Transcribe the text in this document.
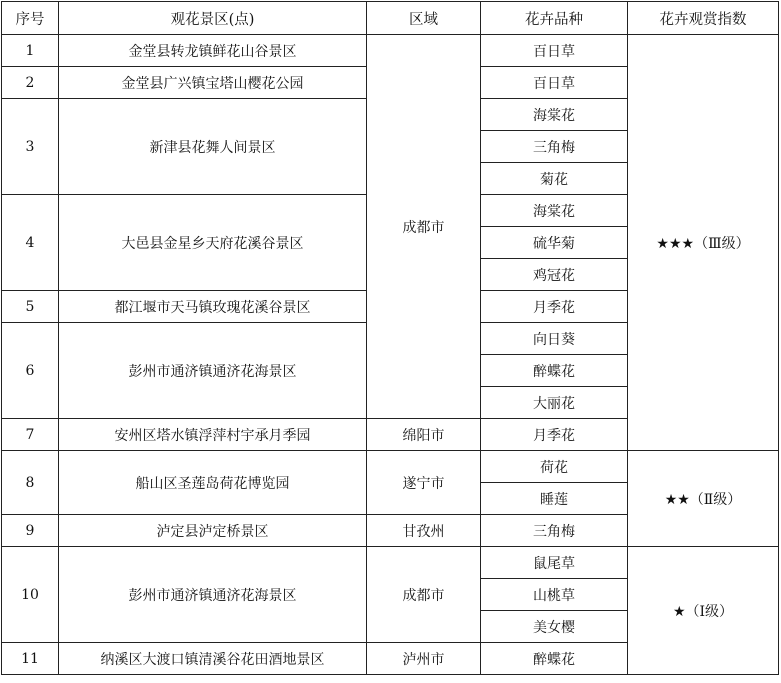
序号	观花景区(点)	区域	花卉品种	花卉观赏指数
1	金堂县转龙镇鲜花山谷景区	成都市	百日草	★★★（Ⅲ级）
2	金堂县广兴镇宝塔山樱花公园		百日草	
3	新津县花舞人间景区		海棠花	
			三角梅	
			菊花	
4	大邑县金星乡天府花溪谷景区		海棠花	
			硫华菊	
			鸡冠花	
5	都江堰市天马镇玫瑰花溪谷景区		月季花	
6	彭州市通济镇通济花海景区		向日葵	
			醉蝶花	
			大丽花	
7	安州区塔水镇浮萍村宇承月季园	绵阳市	月季花	
8	船山区圣莲岛荷花博览园	遂宁市	荷花	★★（Ⅱ级）
			睡莲	
9	泸定县泸定桥景区	甘孜州	三角梅	
10	彭州市通济镇通济花海景区	成都市	鼠尾草	★（Ⅰ级）
			山桃草	
			美女樱	
11	纳溪区大渡口镇清溪谷花田酒地景区	泸州市	醉蝶花	
